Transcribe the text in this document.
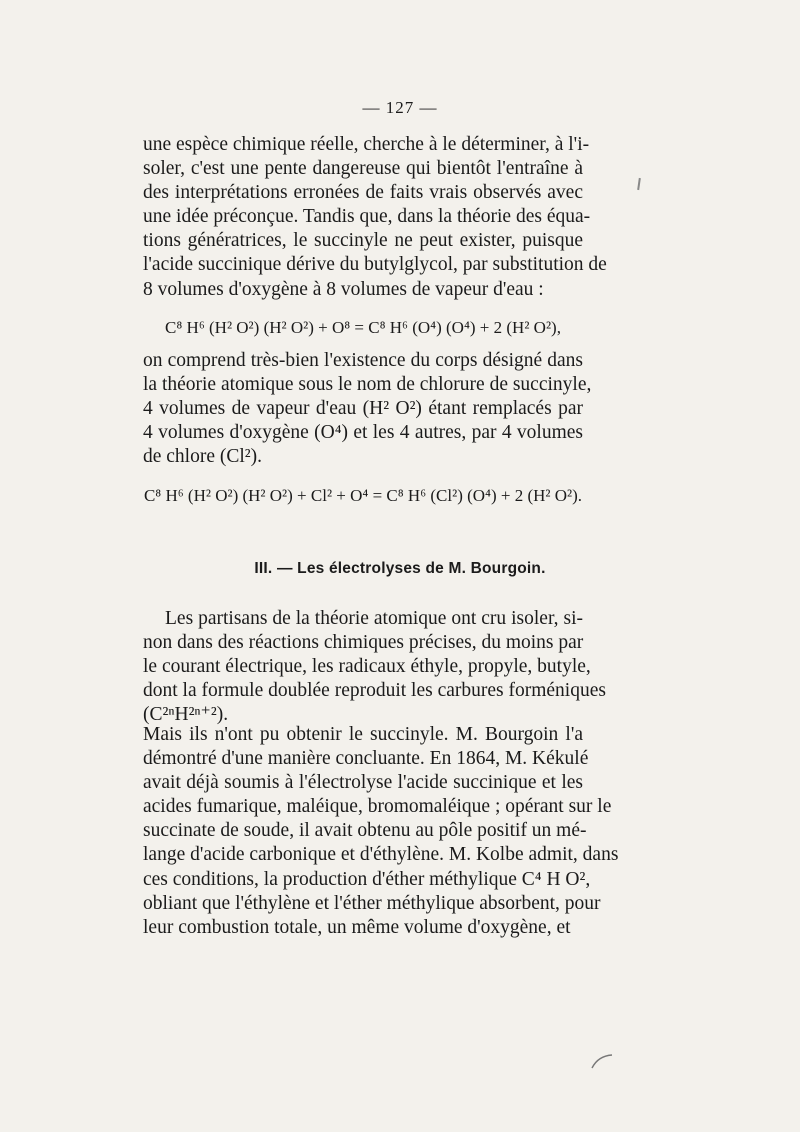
— 127 —
une espèce chimique réelle, cherche à le déterminer, à l'i-
soler, c'est une pente dangereuse qui bientôt l'entraîne à
des interprétations erronées de faits vrais observés avec
une idée préconçue. Tandis que, dans la théorie des équa-
tions génératrices, le succinyle ne peut exister, puisque
l'acide succinique dérive du butylglycol, par substitution de
8 volumes d'oxygène à 8 volumes de vapeur d'eau :
C⁸ H⁶ (H² O²) (H² O²) + O⁸ = C⁸ H⁶ (O⁴) (O⁴) + 2 (H² O²),
on comprend très-bien l'existence du corps désigné dans
la théorie atomique sous le nom de chlorure de succinyle,
4 volumes de vapeur d'eau (H² O²) étant remplacés par
4 volumes d'oxygène (O⁴) et les 4 autres, par 4 volumes
de chlore (Cl²).
C⁸ H⁶ (H² O²) (H² O²) + Cl² + O⁴ = C⁸ H⁶ (Cl²) (O⁴) + 2 (H² O²).
III. — Les électrolyses de M. Bourgoin.
Les partisans de la théorie atomique ont cru isoler, si-
non dans des réactions chimiques précises, du moins par
le courant électrique, les radicaux éthyle, propyle, butyle,
dont la formule doublée reproduit les carbures forméniques
(C²ⁿH²ⁿ⁺²).
Mais ils n'ont pu obtenir le succinyle. M. Bourgoin l'a
démontré d'une manière concluante. En 1864, M. Kékulé
avait déjà soumis à l'électrolyse l'acide succinique et les
acides fumarique, maléique, bromomaléique ; opérant sur le
succinate de soude, il avait obtenu au pôle positif un mé-
lange d'acide carbonique et d'éthylène. M. Kolbe admit, dans
ces conditions, la production d'éther méthylique C⁴ H O²,
obliant que l'éthylène et l'éther méthylique absorbent, pour
leur combustion totale, un même volume d'oxygène, et
